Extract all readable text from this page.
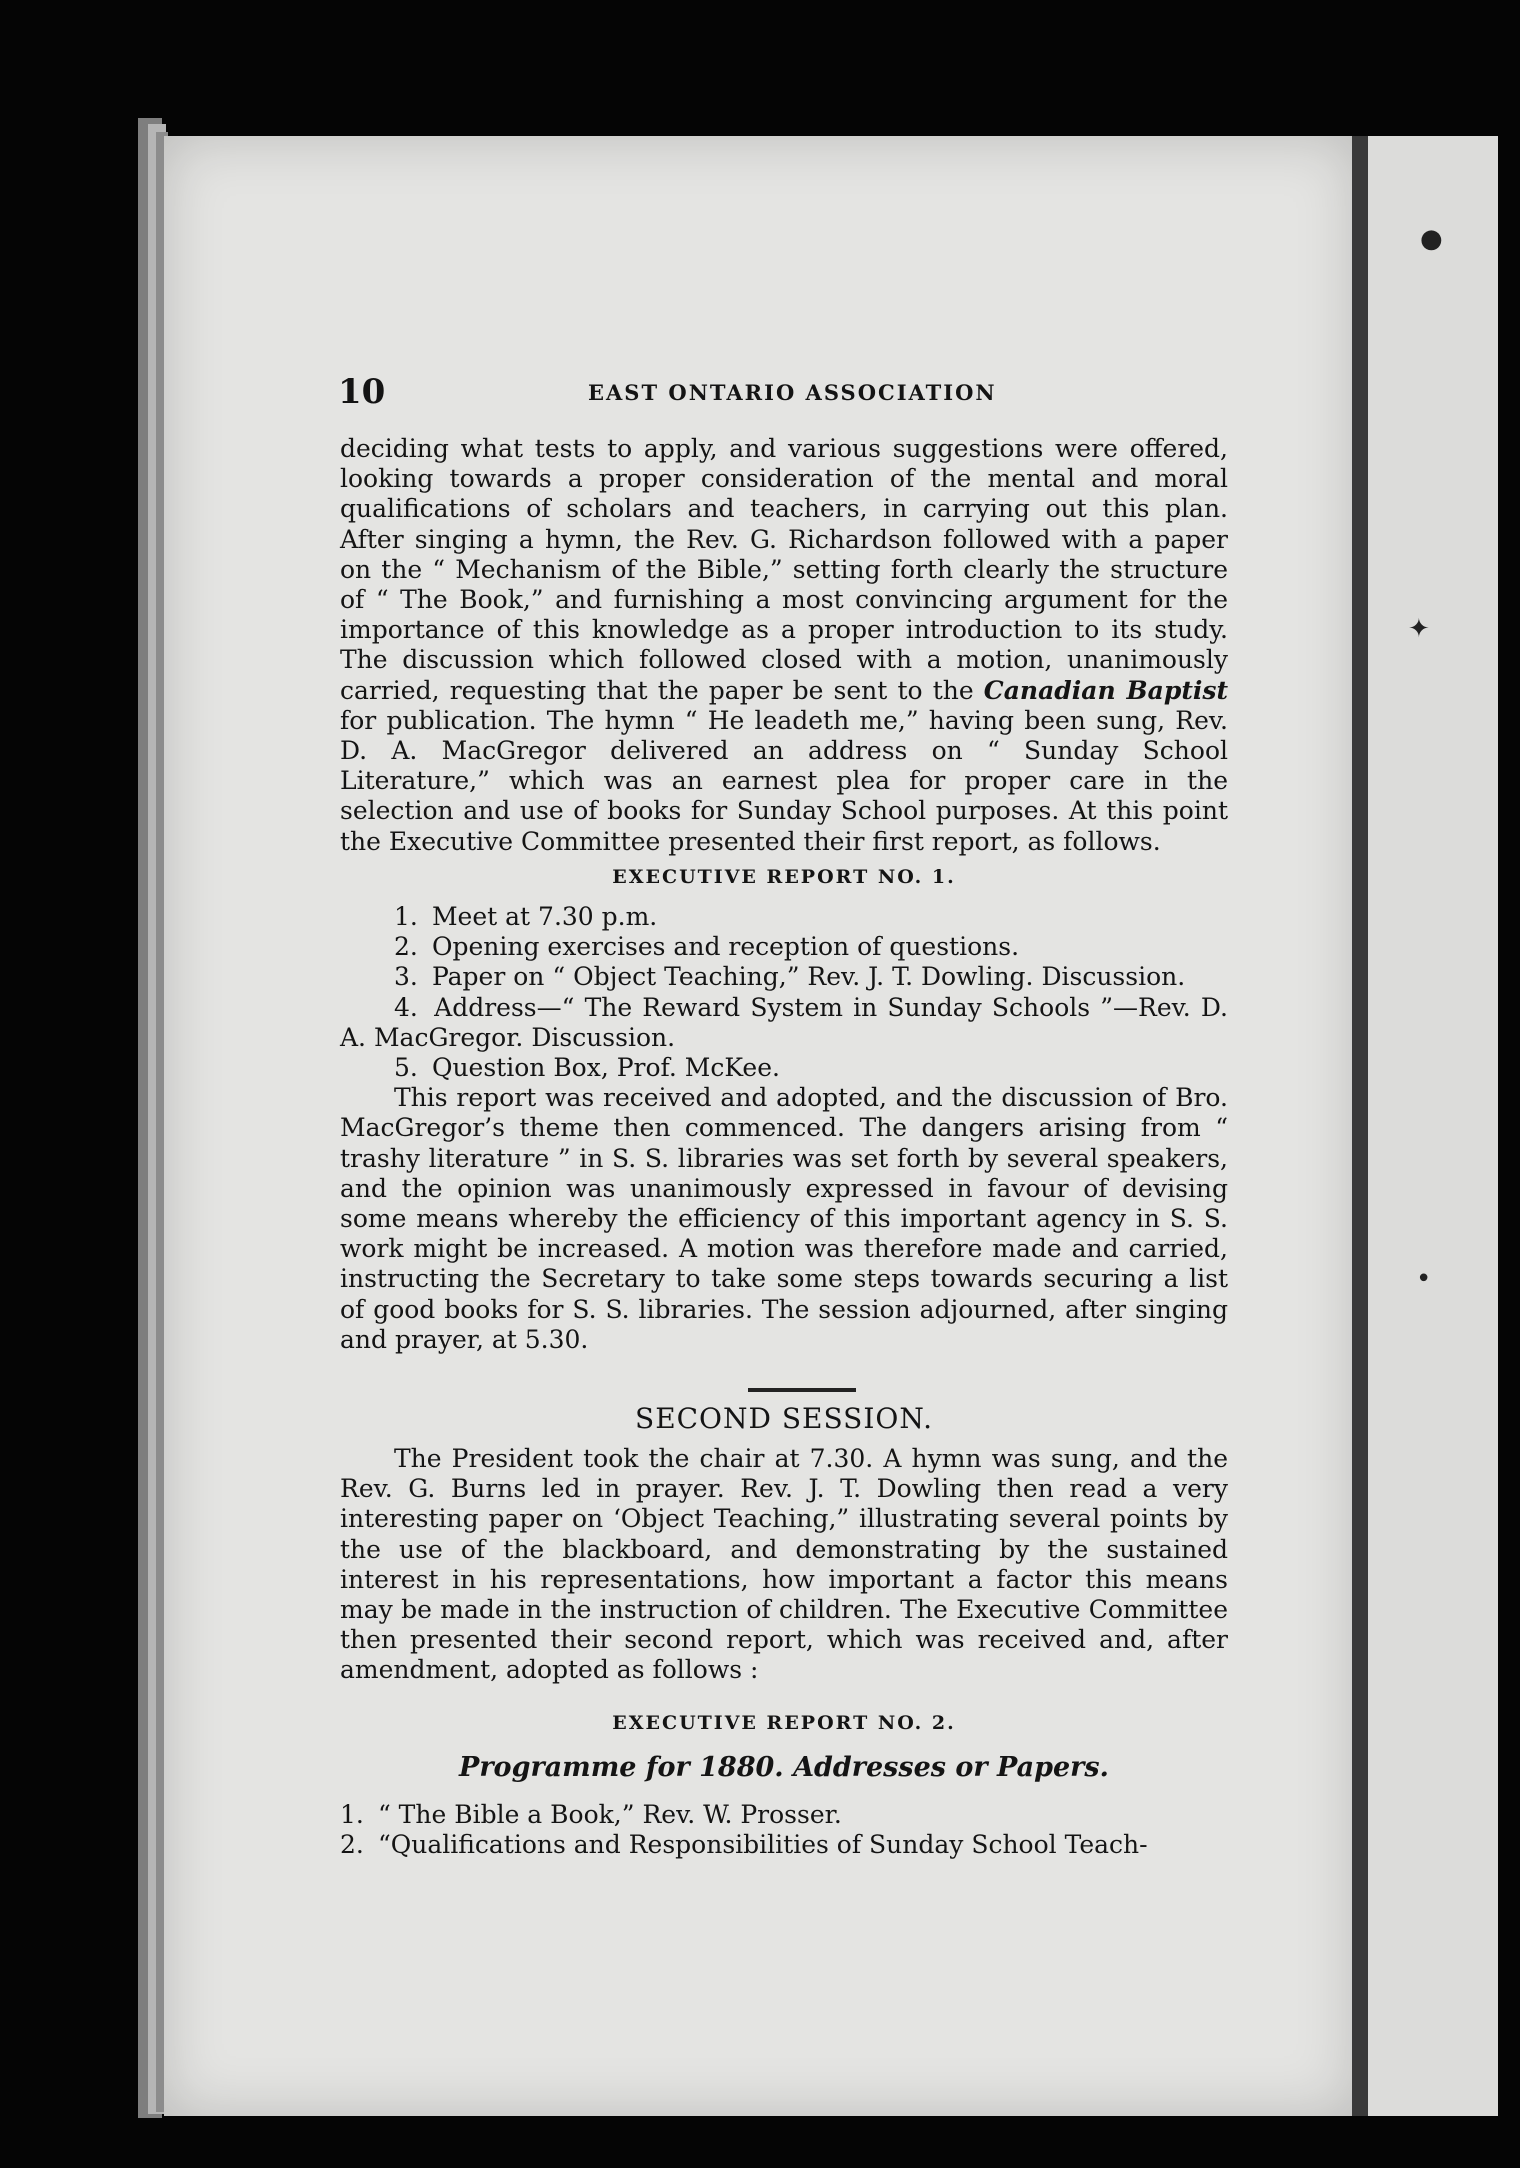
●
✦
•
10	EAST ONTARIO ASSOCIATION

deciding what tests to apply, and various suggestions were offered, looking towards a proper consideration of the mental and moral qualifications of scholars and teachers, in carrying out this plan. After singing a hymn, the Rev. G. Richardson followed with a paper on the “ Mechanism of the Bible,” setting forth clearly the structure of “ The Book,” and furnishing a most convincing argument for the importance of this knowledge as a proper introduction to its study. The discussion which followed closed with a motion, unanimously carried, requesting that the paper be sent to the Canadian Baptist for publication. The hymn “ He leadeth me,” having been sung, Rev. D. A. MacGregor delivered an address on “ Sunday School Literature,” which was an earnest plea for proper care in the selection and use of books for Sunday School purposes. At this point the Executive Committee presented their first report, as follows.

EXECUTIVE REPORT NO. 1.
1. Meet at 7.30 p.m.
2. Opening exercises and reception of questions.
3. Paper on “ Object Teaching,” Rev. J. T. Dowling. Discussion.
4. Address—“ The Reward System in Sunday Schools ”—Rev. D. A. MacGregor. Discussion.
5. Question Box, Prof. McKee.

This report was received and adopted, and the discussion of Bro. MacGregor’s theme then commenced. The dangers arising from “ trashy literature ” in S. S. libraries was set forth by several speakers, and the opinion was unanimously expressed in favour of devising some means whereby the efficiency of this important agency in S. S. work might be increased. A motion was therefore made and carried, instructing the Secretary to take some steps towards securing a list of good books for S. S. libraries. The session adjourned, after singing and prayer, at 5.30.

SECOND SESSION.

The President took the chair at 7.30. A hymn was sung, and the Rev. G. Burns led in prayer. Rev. J. T. Dowling then read a very interesting paper on ‘Object Teaching,” illustrating several points by the use of the blackboard, and demonstrating by the sustained interest in his representations, how important a factor this means may be made in the instruction of children. The Executive Committee then presented their second report, which was received and, after amendment, adopted as follows :

EXECUTIVE REPORT NO. 2.
Programme for 1880. Addresses or Papers.
1. “ The Bible a Book,” Rev. W. Prosser.
2. “Qualifications and Responsibilities of Sunday School Teach-
